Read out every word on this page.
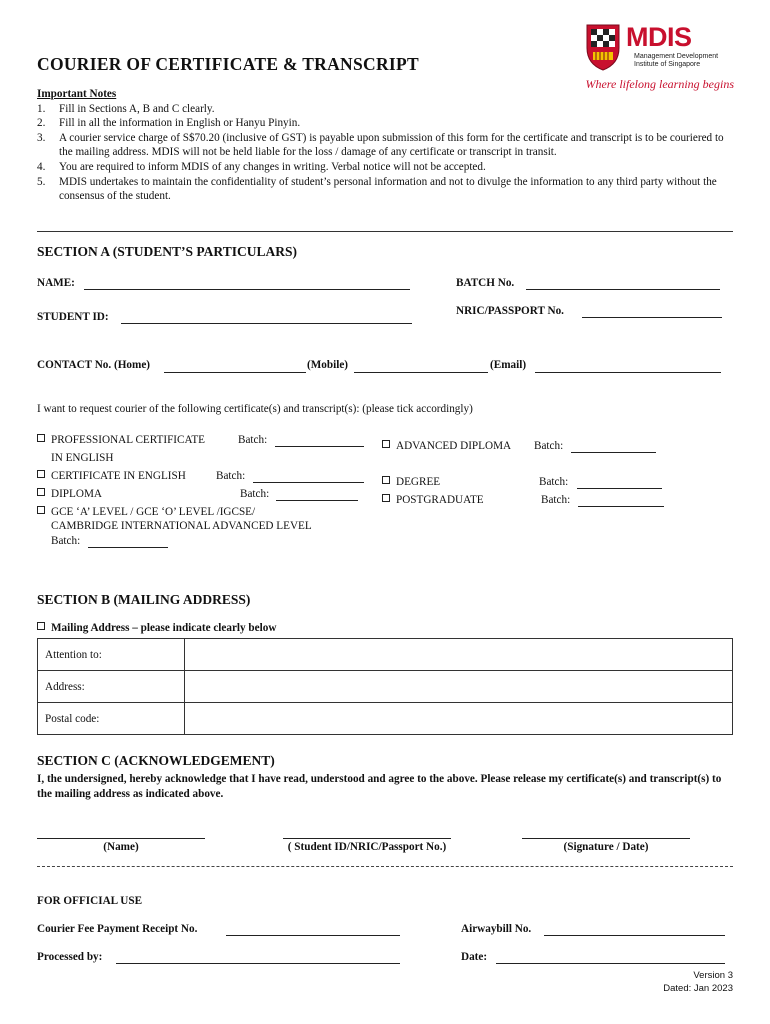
COURIER OF CERTIFICATE & TRANSCRIPT
MDIS
Management Development
Institute of Singapore
Where lifelong learning begins
Important Notes
1. Fill in Sections A, B and C clearly.
2. Fill in all the information in English or Hanyu Pinyin.
3. A courier service charge of S$70.20 (inclusive of GST) is payable upon submission of this form for the certificate and transcript is to be couriered to the mailing address. MDIS will not be held liable for the loss / damage of any certificate or transcript in transit.
4. You are required to inform MDIS of any changes in writing. Verbal notice will not be accepted.
5. MDIS undertakes to maintain the confidentiality of student’s personal information and not to divulge the information to any third party without the consensus of the student.
SECTION A (STUDENT’S PARTICULARS)
NAME:	BATCH No.
NRIC/PASSPORT No.
STUDENT ID:
CONTACT No. (Home)	(Mobile)	(Email)
I want to request courier of the following certificate(s) and transcript(s): (please tick accordingly)
PROFESSIONAL CERTIFICATE	Batch:
IN ENGLISH
CERTIFICATE IN ENGLISH	Batch:
DIPLOMA	Batch:
GCE ‘A’ LEVEL / GCE ‘O’ LEVEL /IGCSE/
CAMBRIDGE INTERNATIONAL ADVANCED LEVEL
Batch:
ADVANCED DIPLOMA Batch:
DEGREE	Batch:
POSTGRADUATE	Batch:
SECTION B (MAILING ADDRESS)
Mailing Address – please indicate clearly below
Attention to:	
Address:	
Postal code:	
SECTION C (ACKNOWLEDGEMENT)
I, the undersigned, hereby acknowledge that I have read, understood and agree to the above. Please release my certificate(s) and transcript(s) to the mailing address as indicated above.
(Name)	( Student ID/NRIC/Passport No.)	(Signature / Date)
FOR OFFICIAL USE
Courier Fee Payment Receipt No.	Airwaybill No.
Processed by:	Date:
Version 3
Dated: Jan 2023
